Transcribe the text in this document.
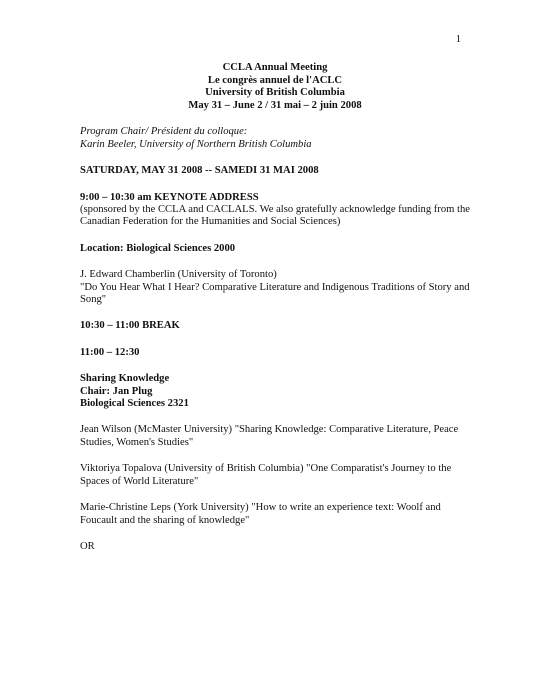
1
CCLA Annual Meeting
Le congrès annuel de l'ACLC
University of British Columbia
May 31 – June 2 / 31 mai – 2 juin 2008

Program Chair/ Président du colloque:

Karin Beeler, University of Northern British Columbia

SATURDAY, MAY 31 2008 -- SAMEDI 31 MAI 2008

9:00 – 10:30 am KEYNOTE ADDRESS

(sponsored by the CCLA and CACLALS. We also gratefully acknowledge funding from the Canadian Federation for the Humanities and Social Sciences)

Location: Biological Sciences 2000

J. Edward Chamberlin (University of Toronto)

"Do You Hear What I Hear? Comparative Literature and Indigenous Traditions of Story and Song"

10:30 – 11:00 BREAK

11:00 – 12:30

Sharing Knowledge

Chair: Jan Plug

Biological Sciences 2321

Jean Wilson (McMaster University) "Sharing Knowledge: Comparative Literature, Peace Studies, Women's Studies"

Viktoriya Topalova (University of British Columbia) "One Comparatist's Journey to the Spaces of World Literature"

Marie-Christine Leps (York University) "How to write an experience text: Woolf and Foucault and the sharing of knowledge"

OR
